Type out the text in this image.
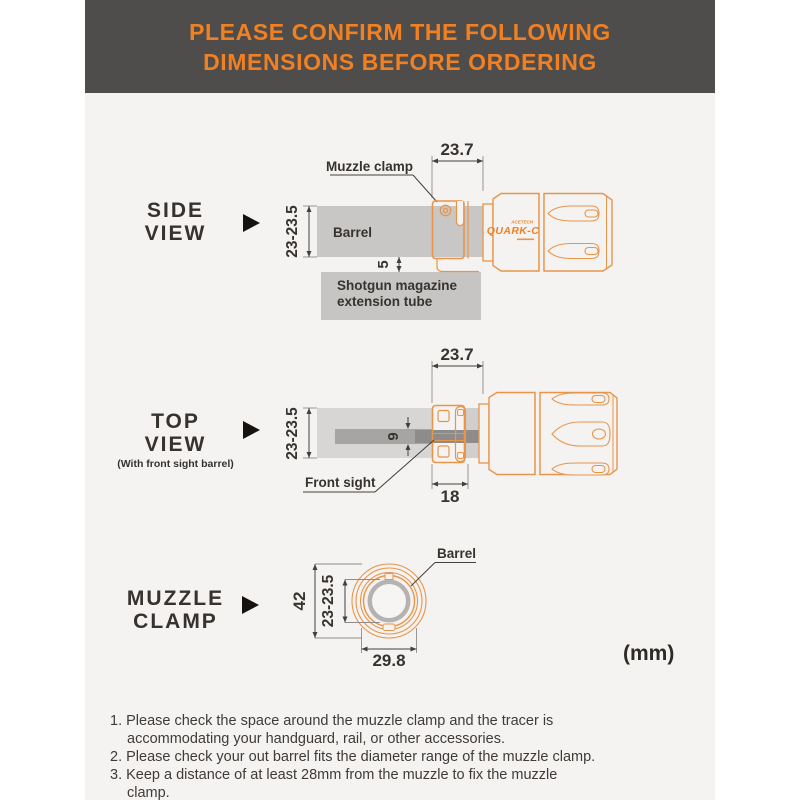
PLEASE CONFIRM THE FOLLOWING
DIMENSIONS BEFORE ORDERING
SIDE
VIEW
23.7
Muzzle clamp
Barrel
23-23.5
5
Shotgun magazine
extension tube
ACETECH
QUARK-C
TOP
VIEW
(With front sight barrel)
23.7
23-23.5	9
Front sight
18
MUZZLE
CLAMP
42 23-23.5
29.8
Barrel
(mm)

1. Please check the space around the muzzle clamp and the tracer is accommodating your handguard, rail, or other accessories.

2. Please check your out barrel fits the diameter range of the muzzle clamp.

3. Keep a distance of at least 28mm from the muzzle to fix the muzzle clamp.
